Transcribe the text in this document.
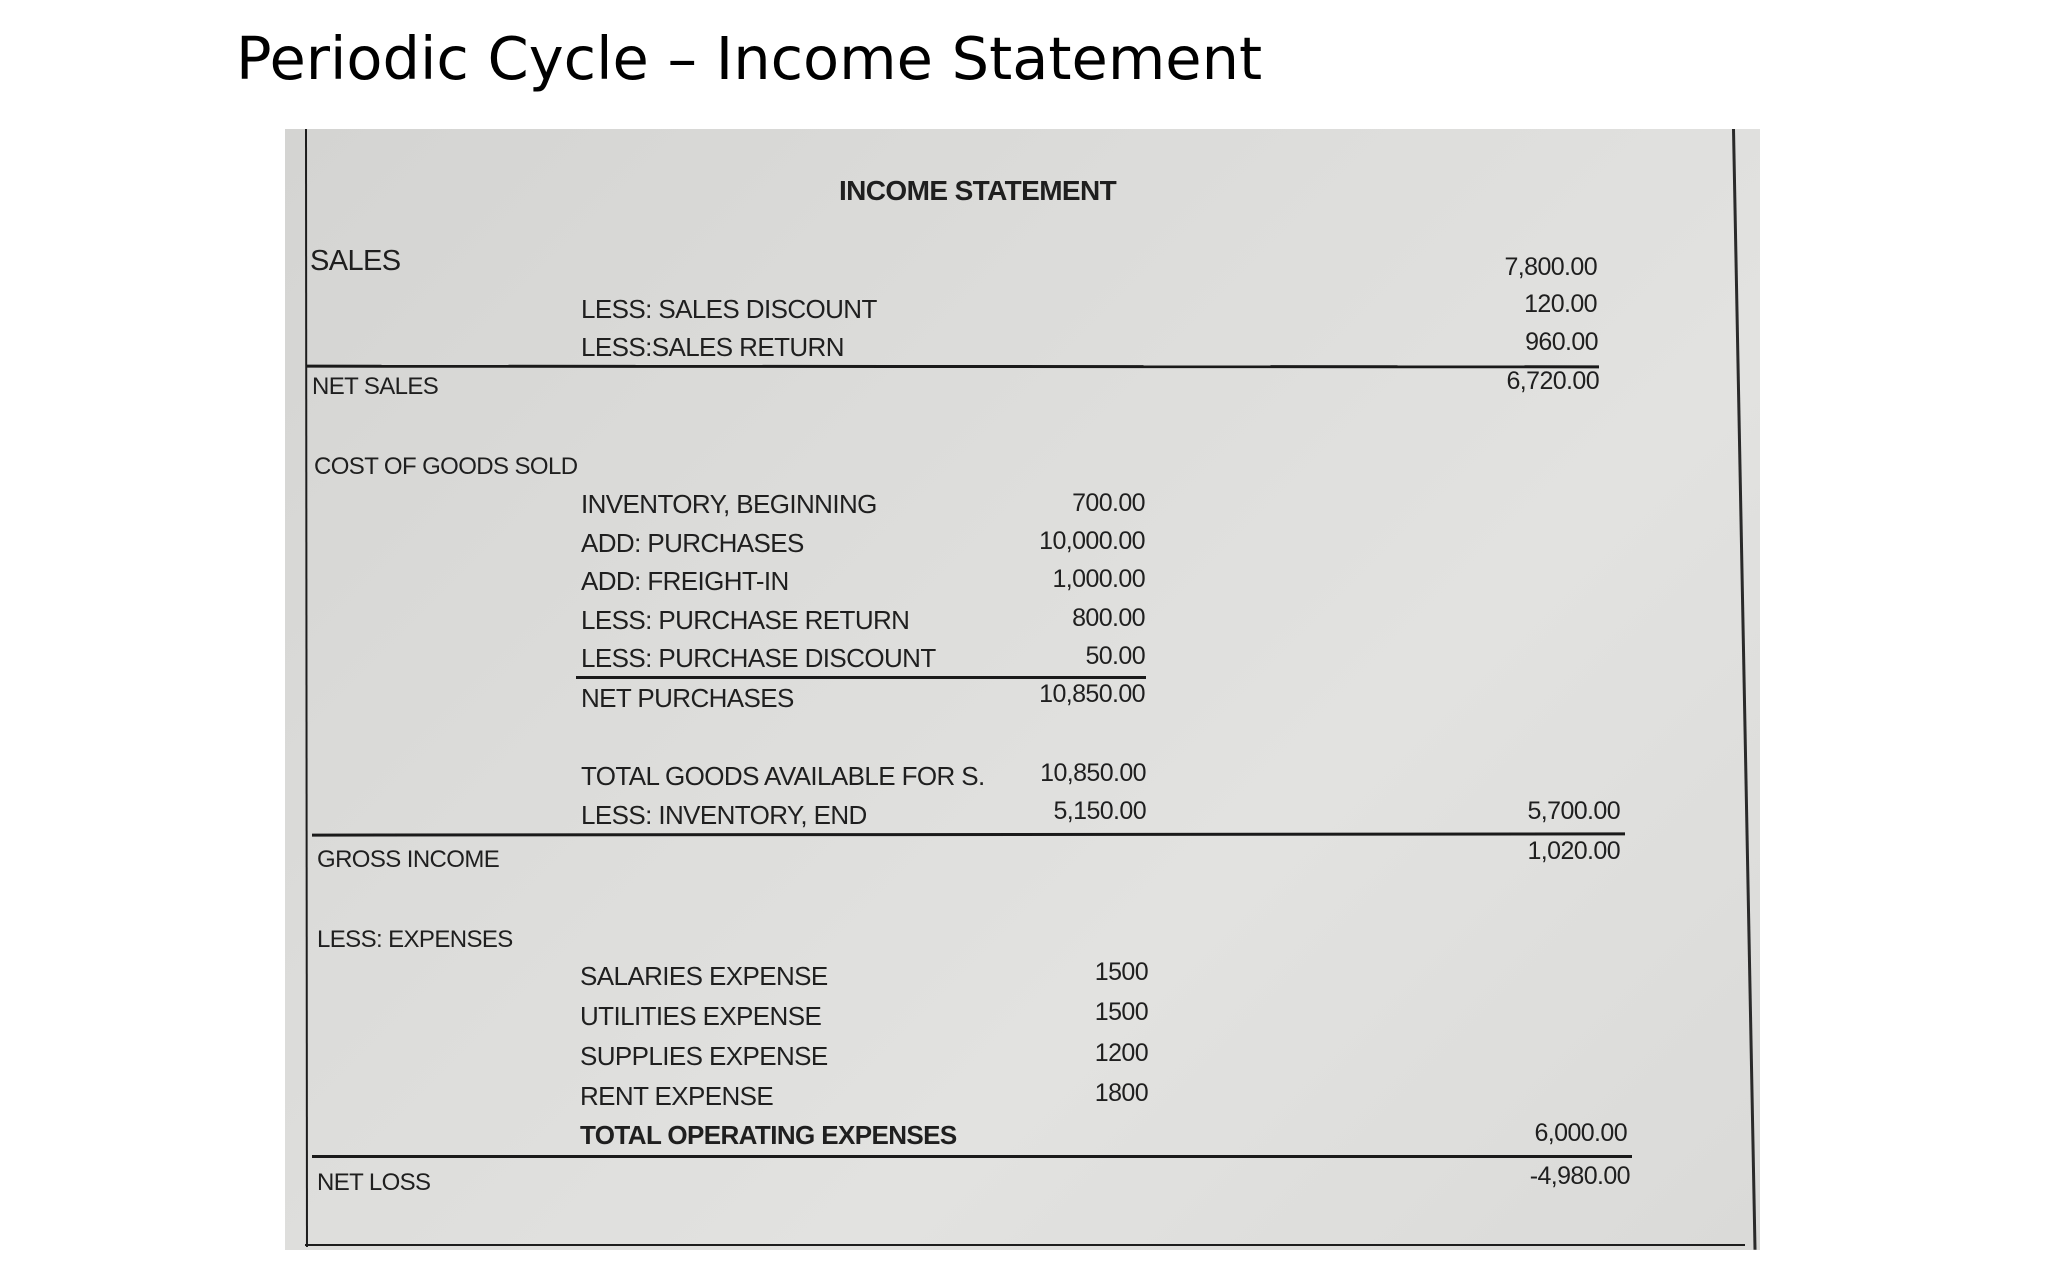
Periodic Cycle – Income Statement
INCOME STATEMENT
SALES	7,800.00
LESS: SALES DISCOUNT	120.00
LESS:SALES RETURN	960.00
NET SALES	6,720.00
COST OF GOODS SOLD
INVENTORY, BEGINNING	700.00
ADD: PURCHASES	10,000.00
ADD: FREIGHT-IN	1,000.00
LESS: PURCHASE RETURN	800.00
LESS: PURCHASE DISCOUNT	50.00
NET PURCHASES	10,850.00
TOTAL GOODS AVAILABLE FOR S. 10,850.00
LESS: INVENTORY, END	5,150.00	5,700.00
GROSS INCOME	1,020.00
LESS: EXPENSES
SALARIES EXPENSE	1500
UTILITIES EXPENSE	1500
SUPPLIES EXPENSE	1200
RENT EXPENSE	1800
TOTAL OPERATING EXPENSES	6,000.00
NET LOSS	-4,980.00
